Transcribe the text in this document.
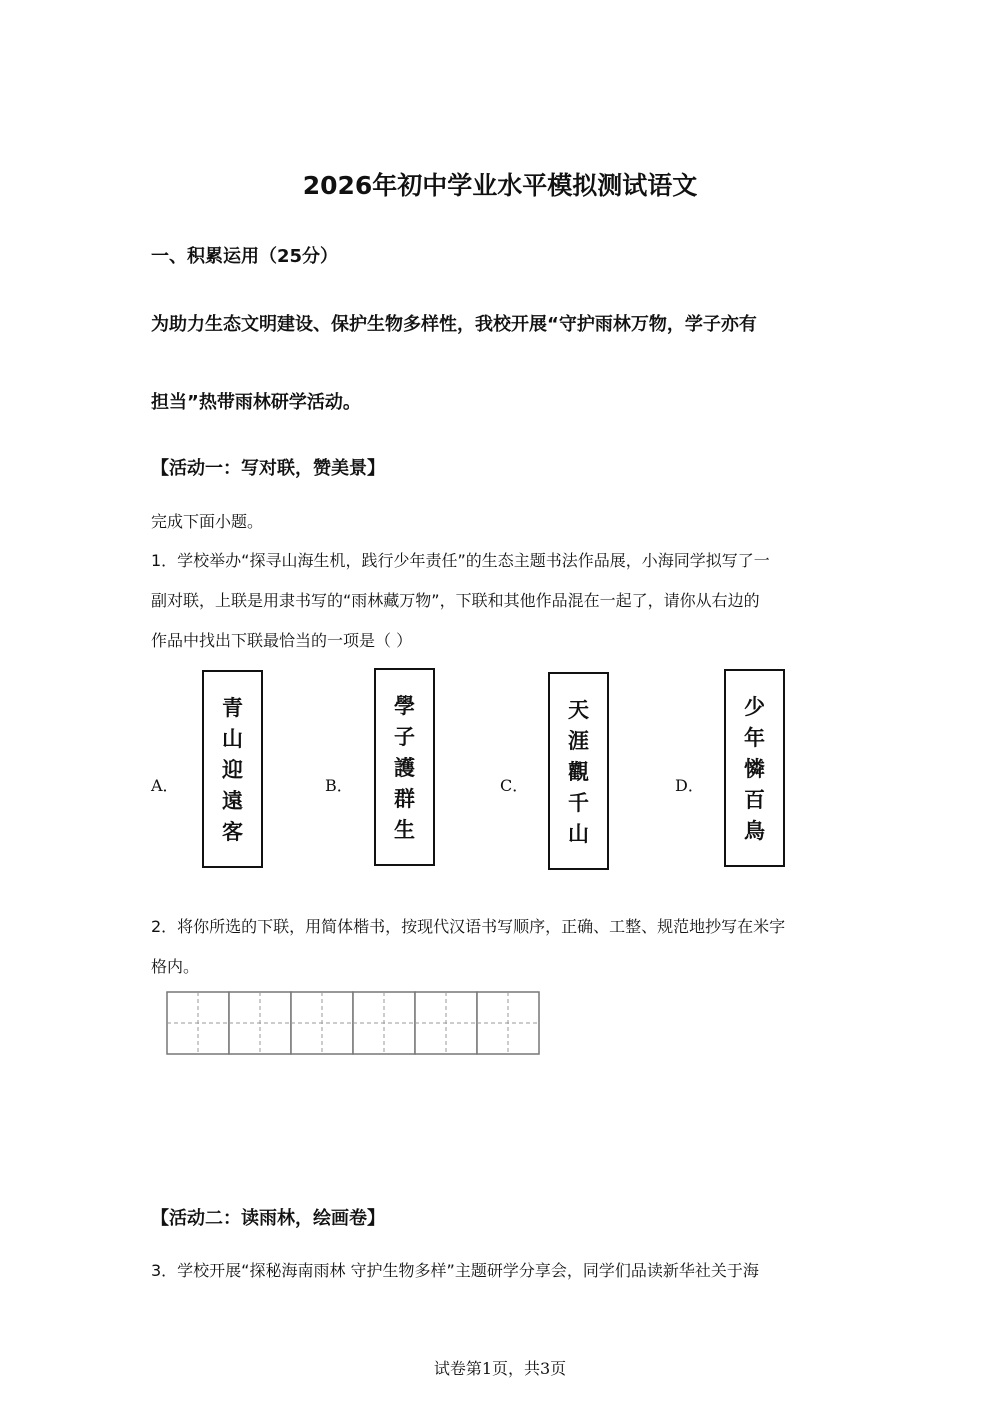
2026年初中学业水平模拟测试语文
一、积累运用（25分）
为助力生态文明建设、保护生物多样性，我校开展“守护雨林万物，学子亦有
担当”热带雨林研学活动。
【活动一：写对联，赞美景】
完成下面小题。
1．学校举办“探寻山海生机，践行少年责任”的生态主题书法作品展，小海同学拟写了一
副对联，上联是用隶书写的“雨林藏万物”，下联和其他作品混在一起了，请你从右边的
作品中找出下联最恰当的一项是（ ）
A．
青
山
迎
遠
客
B．
學
子
護
群
生
C．
天
涯
觀
千
山
D．
少
年
憐
百
鳥
2．将你所选的下联，用简体楷书，按现代汉语书写顺序，正确、工整、规范地抄写在米字
格内。
【活动二：读雨林，绘画卷】
3．学校开展“探秘海南雨林 守护生物多样”主题研学分享会，同学们品读新华社关于海
试卷第1页，共3页
